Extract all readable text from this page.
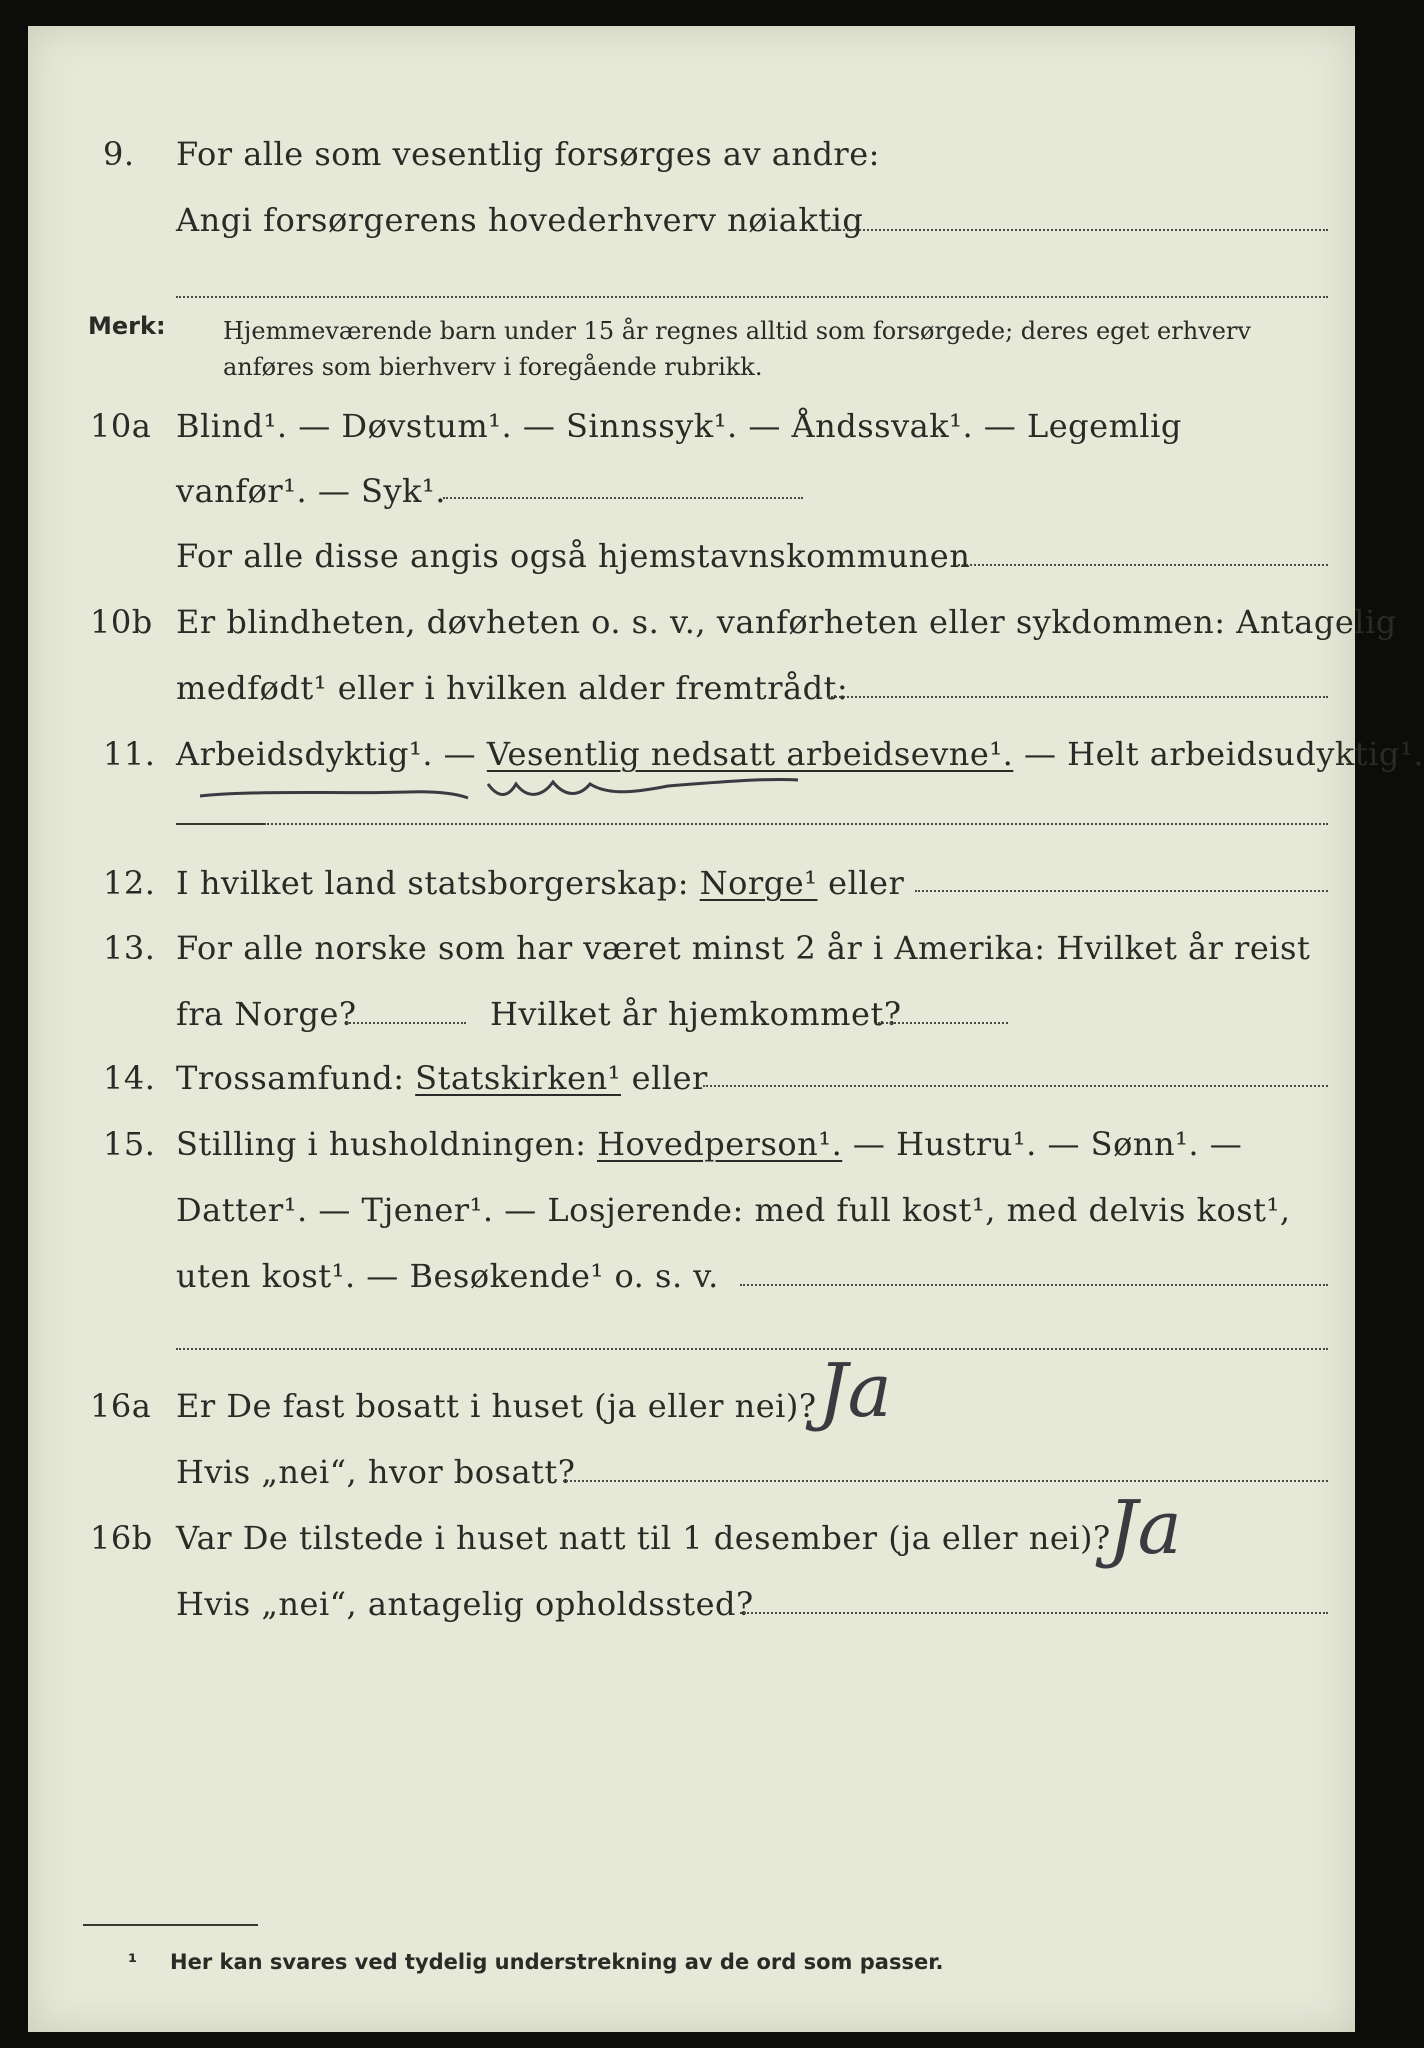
9. For alle som vesentlig forsørges av andre:
Angi forsørgerens hovederhverv nøiaktig
Merk: Hjemmeværende barn under 15 år regnes alltid som forsørgede; deres eget erhverv
anføres som bierhverv i foregående rubrikk.
10a Blind¹. — Døvstum¹. — Sinnssyk¹. — Åndssvak¹. — Legemlig
vanfør¹. — Syk¹.
For alle disse angis også hjemstavnskommunen
10b Er blindheten, døvheten o. s. v., vanførheten eller sykdommen: Antagelig
medfødt¹ eller i hvilken alder fremtrådt:
11. Arbeidsdyktig¹. — Vesentlig nedsatt arbeidsevne¹. — Helt arbeidsudyktig¹.
12. I hvilket land statsborgerskap: Norge¹ eller
13. For alle norske som har været minst 2 år i Amerika: Hvilket år reist
fra Norge?	Hvilket år hjemkommet?
14. Trossamfund: Statskirken¹ eller
15. Stilling i husholdningen: Hovedperson¹. — Hustru¹. — Sønn¹. —
Datter¹. — Tjener¹. — Losjerende: med full kost¹, med delvis kost¹,
uten kost¹. — Besøkende¹ o. s. v.
16a Er De fast bosatt i huset (ja eller nei)? Ja
Hvis „nei“, hvor bosatt?
16b Var De tilstede i huset natt til 1 desember (ja eller nei)?
Ja
Hvis „nei“, antagelig opholdssted?
¹ Her kan svares ved tydelig understrekning av de ord som passer.
